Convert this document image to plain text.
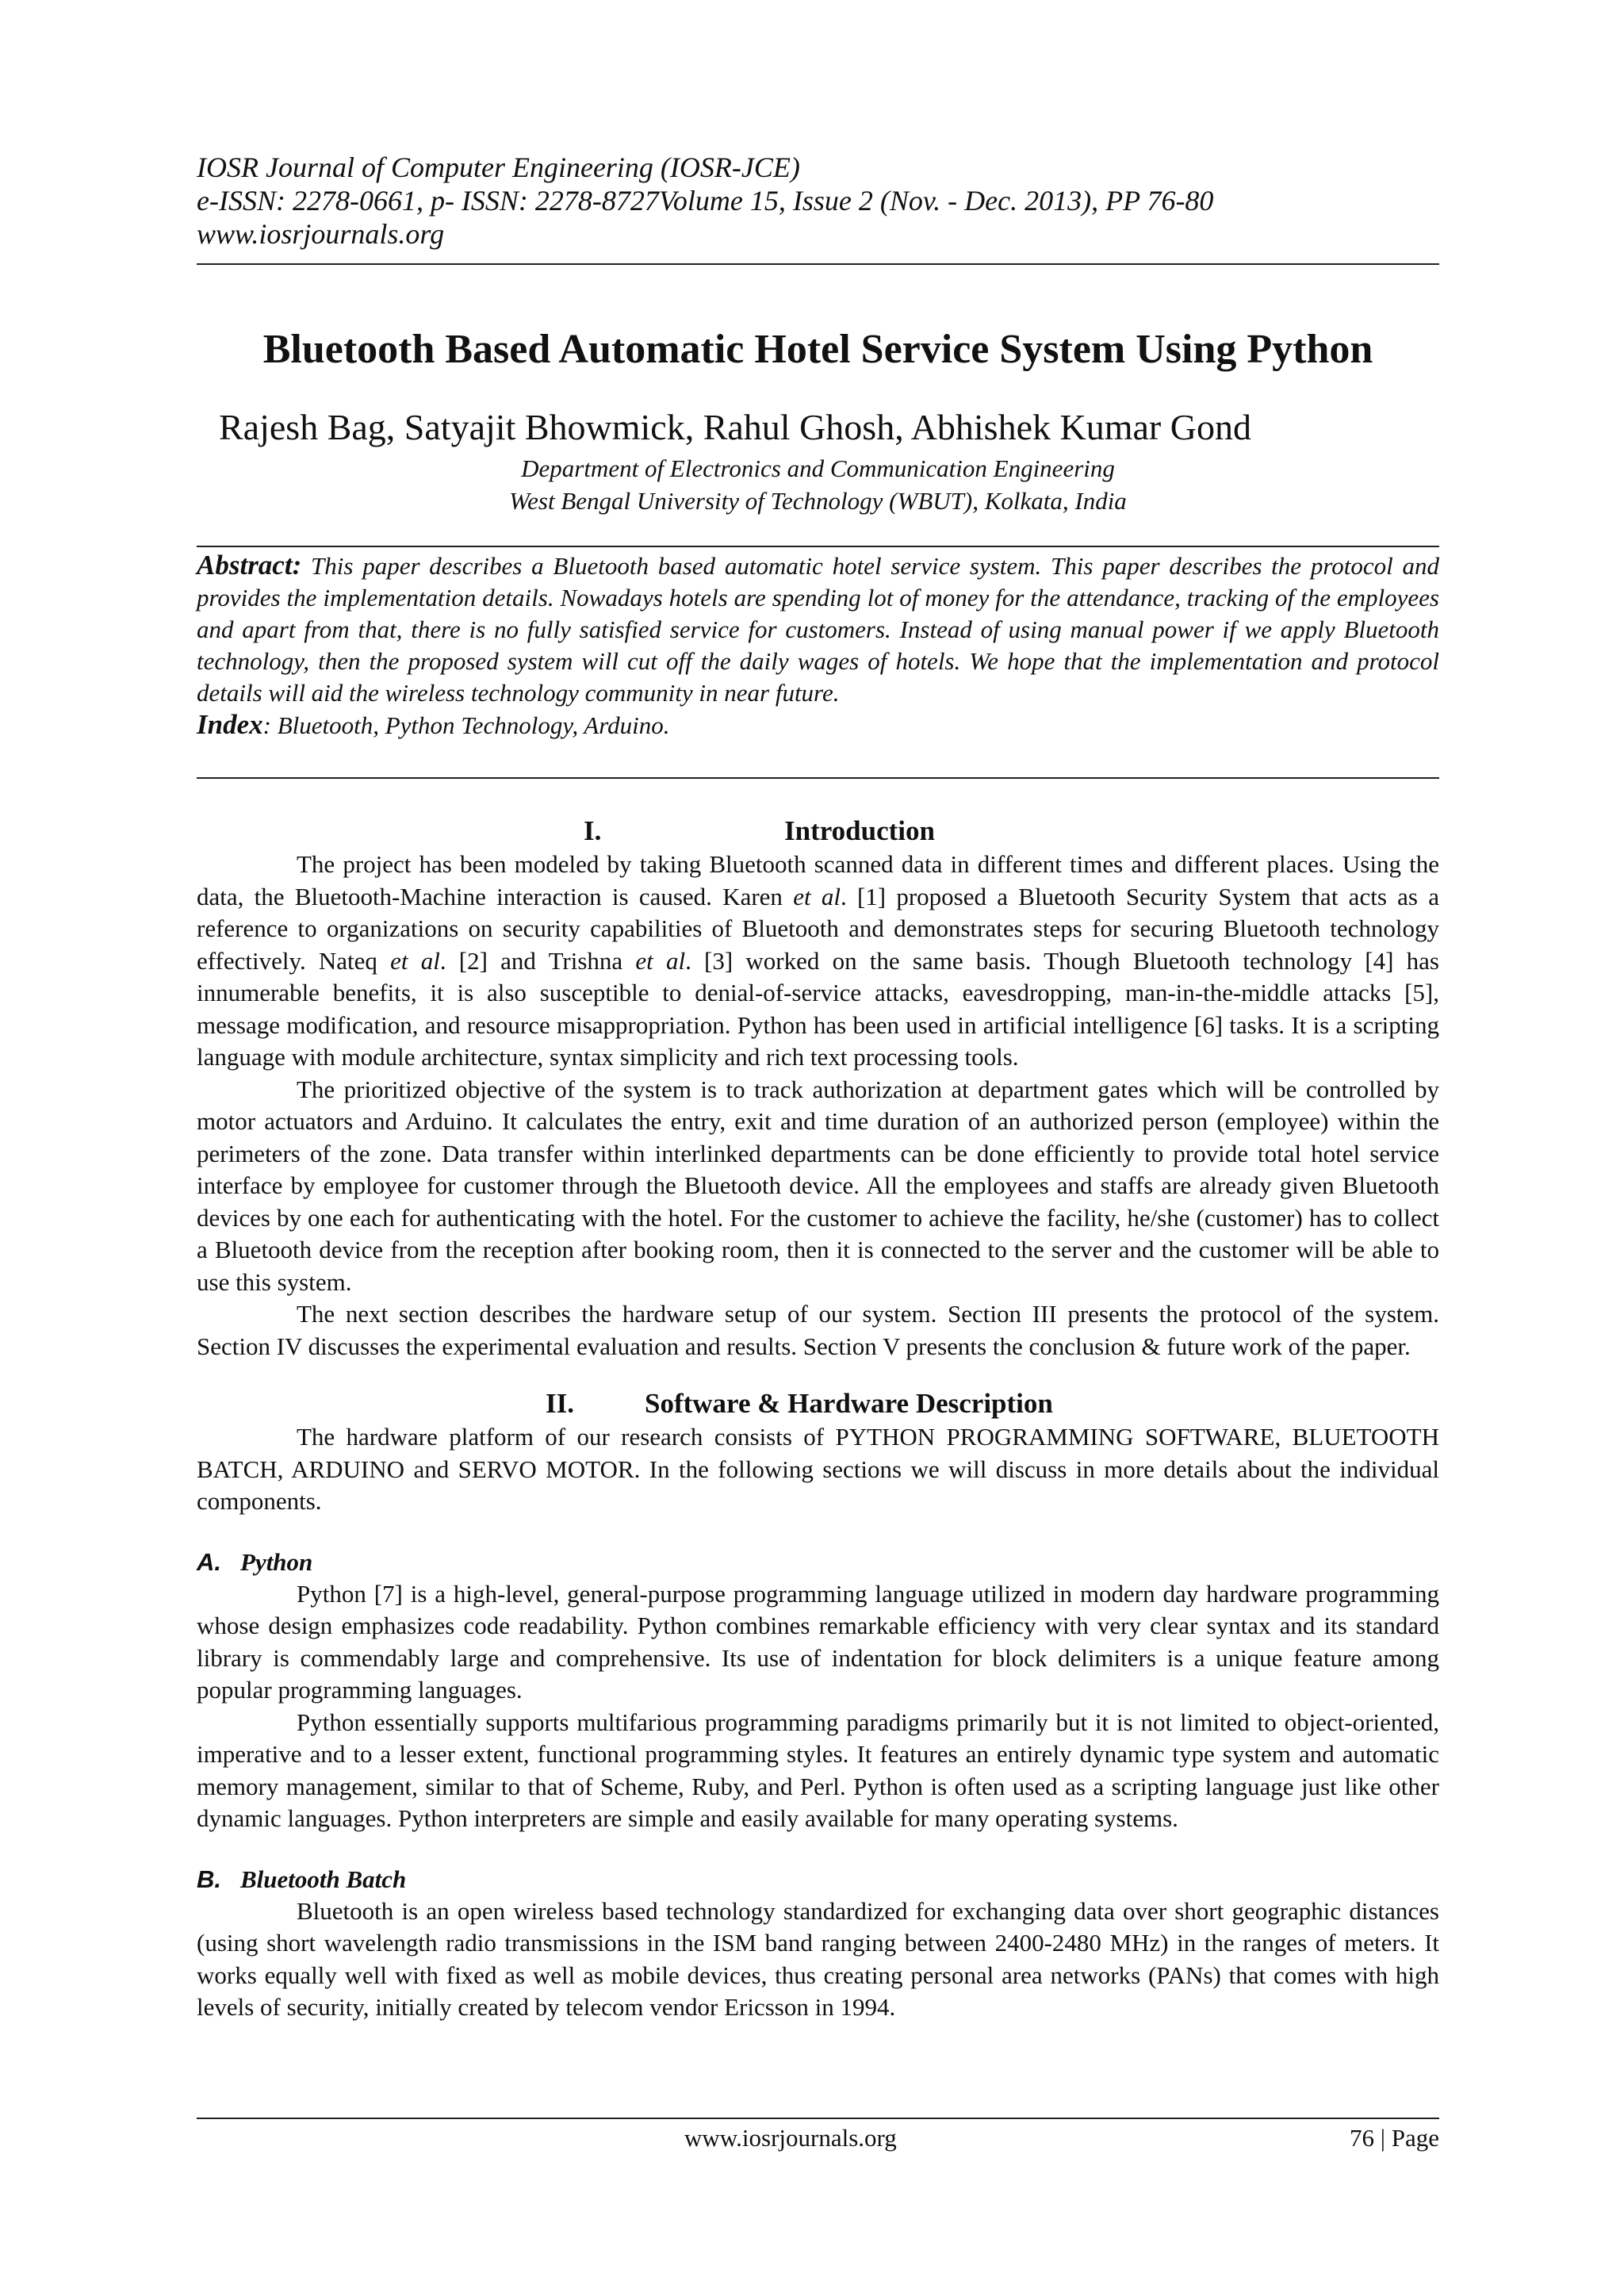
IOSR Journal of Computer Engineering (IOSR-JCE)
e-ISSN: 2278-0661, p- ISSN: 2278-8727Volume 15, Issue 2 (Nov. - Dec. 2013), PP 76-80
www.iosrjournals.org
Bluetooth Based Automatic Hotel Service System Using Python
Rajesh Bag, Satyajit Bhowmick, Rahul Ghosh, Abhishek Kumar Gond
Department of Electronics and Communication Engineering
West Bengal University of Technology (WBUT), Kolkata, India
Abstract: This paper describes a Bluetooth based automatic hotel service system. This paper describes the protocol and provides the implementation details. Nowadays hotels are spending lot of money for the attendance, tracking of the employees and apart from that, there is no fully satisfied service for customers. Instead of using manual power if we apply Bluetooth technology, then the proposed system will cut off the daily wages of hotels. We hope that the implementation and protocol details will aid the wireless technology community in near future.
Index: Bluetooth, Python Technology, Arduino.
I.	Introduction

The project has been modeled by taking Bluetooth scanned data in different times and different places. Using the data, the Bluetooth-Machine interaction is caused. Karen et al. [1] proposed a Bluetooth Security System that acts as a reference to organizations on security capabilities of Bluetooth and demonstrates steps for securing Bluetooth technology effectively. Nateq et al. [2] and Trishna et al. [3] worked on the same basis. Though Bluetooth technology [4] has innumerable benefits, it is also susceptible to denial-of-service attacks, eavesdropping, man-in-the-middle attacks [5], message modification, and resource misappropriation. Python has been used in artificial intelligence [6] tasks. It is a scripting language with module architecture, syntax simplicity and rich text processing tools.

The prioritized objective of the system is to track authorization at department gates which will be controlled by motor actuators and Arduino. It calculates the entry, exit and time duration of an authorized person (employee) within the perimeters of the zone. Data transfer within interlinked departments can be done efficiently to provide total hotel service interface by employee for customer through the Bluetooth device. All the employees and staffs are already given Bluetooth devices by one each for authenticating with the hotel. For the customer to achieve the facility, he/she (customer) has to collect a Bluetooth device from the reception after booking room, then it is connected to the server and the customer will be able to use this system.

The next section describes the hardware setup of our system. Section III presents the protocol of the system. Section IV discusses the experimental evaluation and results. Section V presents the conclusion & future work of the paper.

II.	Software & Hardware Description

The hardware platform of our research consists of PYTHON PROGRAMMING SOFTWARE, BLUETOOTH BATCH, ARDUINO and SERVO MOTOR. In the following sections we will discuss in more details about the individual components.

A. Python

Python [7] is a high-level, general-purpose programming language utilized in modern day hardware programming whose design emphasizes code readability. Python combines remarkable efficiency with very clear syntax and its standard library is commendably large and comprehensive. Its use of indentation for block delimiters is a unique feature among popular programming languages.

Python essentially supports multifarious programming paradigms primarily but it is not limited to object-oriented, imperative and to a lesser extent, functional programming styles. It features an entirely dynamic type system and automatic memory management, similar to that of Scheme, Ruby, and Perl. Python is often used as a scripting language just like other dynamic languages. Python interpreters are simple and easily available for many operating systems.

B. Bluetooth Batch

Bluetooth is an open wireless based technology standardized for exchanging data over short geographic distances (using short wavelength radio transmissions in the ISM band ranging between 2400-2480 MHz) in the ranges of meters. It works equally well with fixed as well as mobile devices, thus creating personal area networks (PANs) that comes with high levels of security, initially created by telecom vendor Ericsson in 1994.

www.iosrjournals.org	76 | Page
